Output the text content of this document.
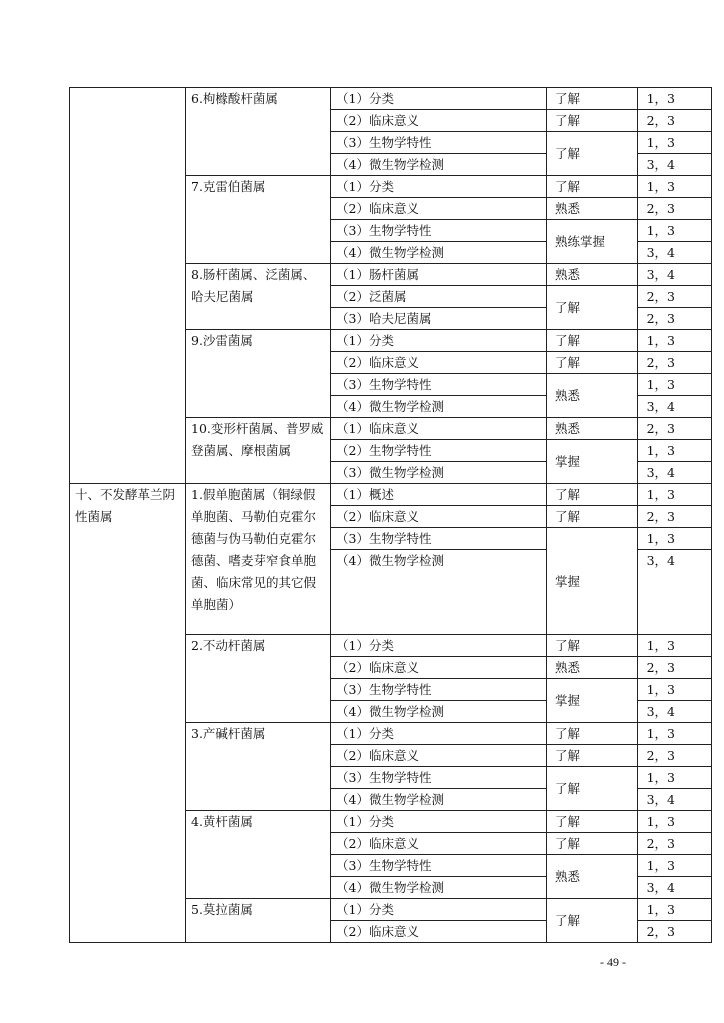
	6.枸橼酸杆菌属	（1）分类	了解	1，3
		（2）临床意义	了解	2，3
		（3）生物学特性	了解	1，3
		（4）微生物学检测		3，4
	7.克雷伯菌属	（1）分类	了解	1，3
		（2）临床意义	熟悉	2，3
		（3）生物学特性	熟练掌握	1，3
		（4）微生物学检测		3，4
	8.肠杆菌属、泛菌属、哈夫尼菌属	（1）肠杆菌属	熟悉	3，4
		（2）泛菌属	了解	2，3
		（3）哈夫尼菌属		2，3
	9.沙雷菌属	（1）分类	了解	1，3
		（2）临床意义	了解	2，3
		（3）生物学特性	熟悉	1，3
		（4）微生物学检测		3，4
	10.变形杆菌属、普罗威登菌属、摩根菌属	（1）临床意义	熟悉	2，3
		（2）生物学特性	掌握	1，3
		（3）微生物学检测		3，4
十、不发酵革兰阴性菌属	1.假单胞菌属（铜绿假单胞菌、马勒伯克霍尔德菌与伪马勒伯克霍尔德菌、嗜麦芽窄食单胞菌、临床常见的其它假单胞菌）	（1）概述	了解	1，3
		（2）临床意义	了解	2，3
		（3）生物学特性	掌握	1，3
		（4）微生物学检测		3，4
	2.不动杆菌属	（1）分类	了解	1，3
		（2）临床意义	熟悉	2，3
		（3）生物学特性	掌握	1，3
		（4）微生物学检测		3，4
	3.产碱杆菌属	（1）分类	了解	1，3
		（2）临床意义	了解	2，3
		（3）生物学特性	了解	1，3
		（4）微生物学检测		3，4
	4.黄杆菌属	（1）分类	了解	1，3
		（2）临床意义	了解	2，3
		（3）生物学特性	熟悉	1，3
		（4）微生物学检测		3，4
	5.莫拉菌属	（1）分类	了解	1，3
		（2）临床意义		2，3
- 49 -
